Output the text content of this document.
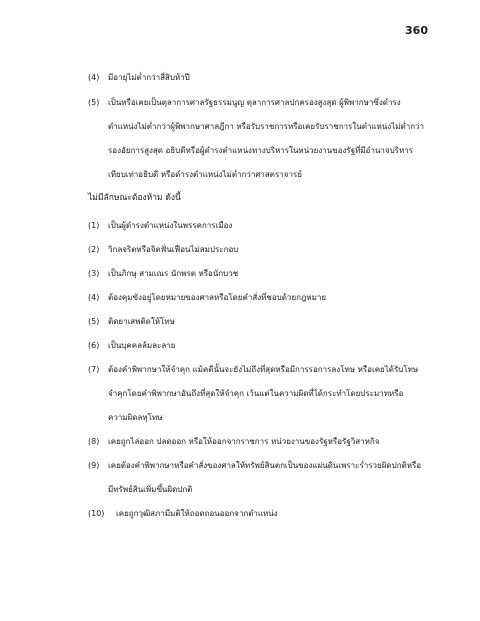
360
(4) มีอายุไม่ต่ำกว่าสี่สิบห้าปี
(5) เป็นหรือเคยเป็นตุลาการศาลรัฐธรรมนูญ ตุลาการศาลปกครองสูงสุด ผู้พิพากษาซึ่งดำรง
ตำแหน่งไม่ต่ำกว่าผู้พิพากษาศาลฎีกา หรือรับราชการหรือเคยรับราชการในตำแหน่งไม่ต่ำกว่า
รองอัยการสูงสุด อธิบดีหรือผู้ดำรงตำแหน่งทางบริหารในหน่วยงานของรัฐที่มีอำนาจบริหาร
เทียบเท่าอธิบดี หรือดำรงตำแหน่งไม่ต่ำกว่าศาสตราจารย์
ไม่มีลักษณะต้องห้าม ดังนี้
(1) เป็นผู้ดำรงตำแหน่งในพรรคการเมือง
(2) วิกลจริตหรือจิตฟั่นเฟือนไม่สมประกอบ
(3) เป็นภิกษุ สามเณร นักพรต หรือนักบวช
(4) ต้องคุมขังอยู่โดยหมายของศาลหรือโดยคำสั่งที่ชอบด้วยกฎหมาย
(5) ติดยาเสพติดให้โทษ
(6) เป็นบุคคลล้มละลาย
(7) ต้องคำพิพากษาให้จำคุก แม้คดีนั้นจะยังไม่ถึงที่สุดหรือมีการรอการลงโทษ หรือเคยได้รับโทษ
จำคุกโดยคำพิพากษาอันถึงที่สุดให้จำคุก เว้นแต่ในความผิดที่ได้กระทำโดยประมาทหรือ
ความผิดลหุโทษ
(8) เคยถูกไล่ออก ปลดออก หรือให้ออกจากราชการ หน่วยงานของรัฐหรือรัฐวิสาหกิจ
(9) เคยต้องคำพิพากษาหรือคำสั่งของศาลให้ทรัพย์สินตกเป็นของแผ่นดินเพราะร่ำรวยผิดปกติหรือ
มีทรัพย์สินเพิ่มขึ้นผิดปกติ
(10) เคยถูกวุฒิสภามีมติให้ถอดถอนออกจากตำแหน่ง
